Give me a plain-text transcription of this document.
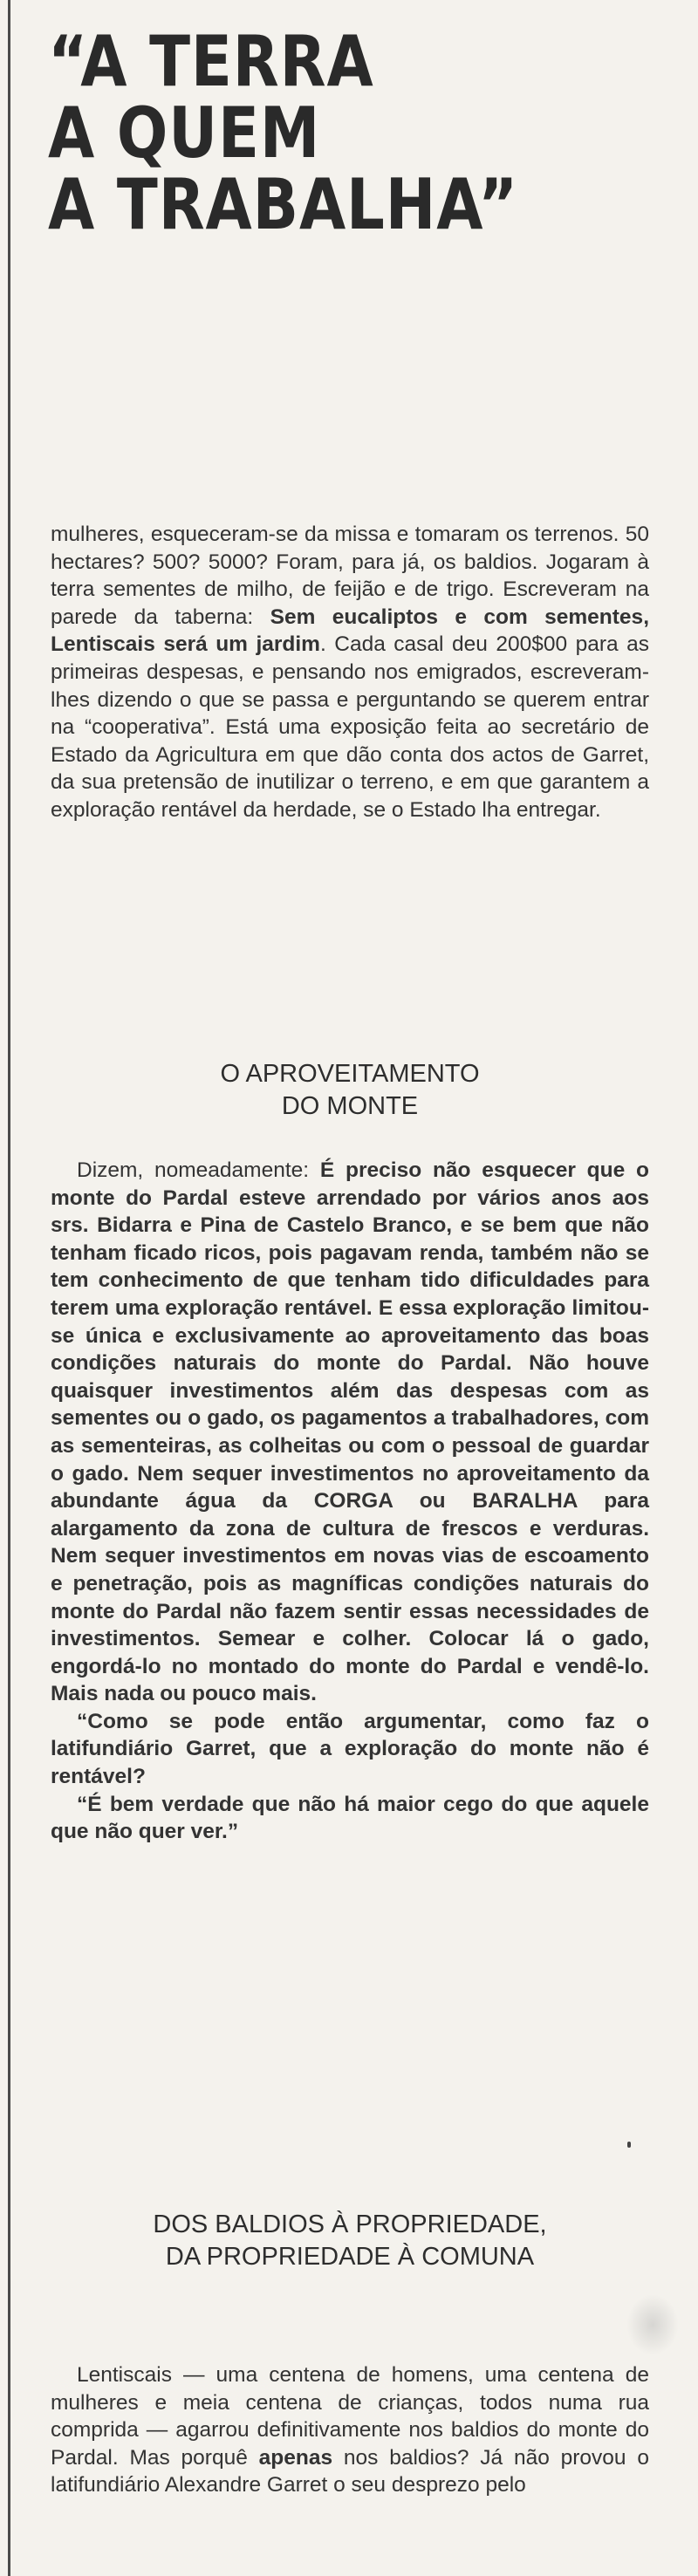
“A TERRA
A QUEM
A TRABALHA”

mulheres, esqueceram-se da missa e tomaram os terrenos. 50 hectares? 500? 5000? Foram, para já, os baldios. Jogaram à terra sementes de milho, de feijão e de trigo. Escreveram na parede da taberna: Sem eucaliptos e com sementes, Lentiscais será um jardim. Cada casal deu 200$00 para as primeiras despesas, e pensando nos emigrados, escreveram-lhes dizendo o que se passa e perguntando se querem entrar na “cooperativa”. Está uma exposição feita ao secretário de Estado da Agricultura em que dão conta dos actos de Garret, da sua pretensão de inutilizar o terreno, e em que garantem a exploração rentável da herdade, se o Estado lha entregar.

O APROVEITAMENTO
DO MONTE

Dizem, nomeadamente: É preciso não esquecer que o monte do Pardal esteve arrendado por vários anos aos srs. Bidarra e Pina de Castelo Branco, e se bem que não tenham ficado ricos, pois pagavam renda, também não se tem conhecimento de que tenham tido dificuldades para terem uma exploração rentável. E essa exploração limitou-se única e exclusivamente ao aproveitamento das boas condições naturais do monte do Pardal. Não houve quaisquer investimentos além das despesas com as sementes ou o gado, os pagamentos a trabalhadores, com as sementeiras, as colheitas ou com o pessoal de guardar o gado. Nem sequer investimentos no aproveitamento da abundante água da CORGA ou BARALHA para alargamento da zona de cultura de frescos e verduras. Nem sequer investimentos em novas vias de escoamento e penetração, pois as magníficas condições naturais do monte do Pardal não fazem sentir essas necessidades de investimentos. Semear e colher. Colocar lá o gado, engordá-lo no montado do monte do Pardal e vendê-lo. Mais nada ou pouco mais.

“Como se pode então argumentar, como faz o latifundiário Garret, que a exploração do monte não é rentável?

“É bem verdade que não há maior cego do que aquele que não quer ver.”

DOS BALDIOS À PROPRIEDADE,
DA PROPRIEDADE À COMUNA

Lentiscais — uma centena de homens, uma centena de mulheres e meia centena de crianças, todos numa rua comprida — agarrou definitivamente nos baldios do monte do Pardal. Mas porquê apenas nos baldios? Já não provou o latifundiário Alexandre Garret o seu desprezo pelo
